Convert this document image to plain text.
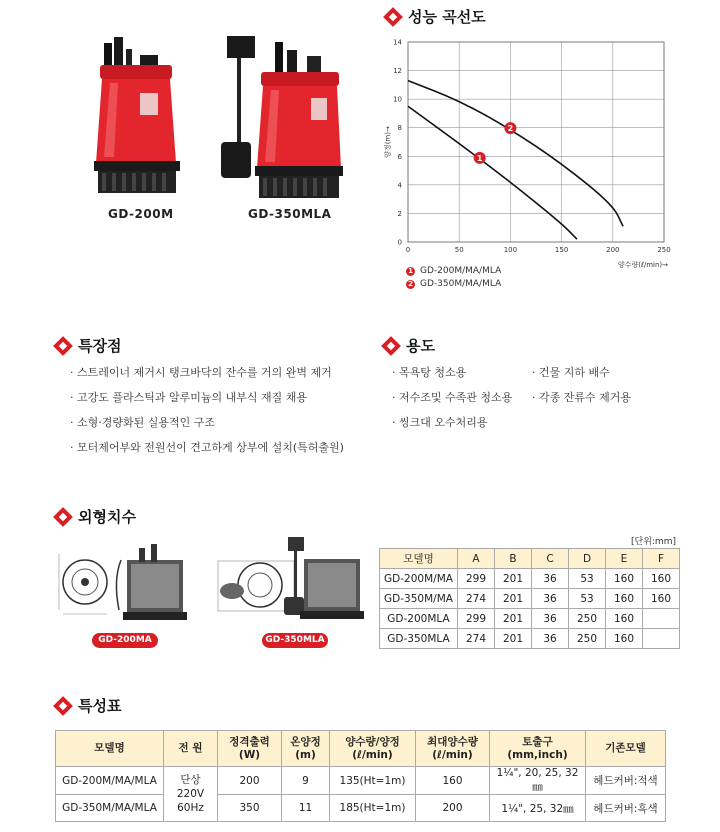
GD-200M	GD-350MLA
성능 곡선도
0	50	100	150	200	250
0
2
4
6
8
10
12
14
양수량(ℓ/min)→
양정(m)→
1
2
1 GD-200M/MA/MLA
2 GD-350M/MA/MLA
특장점
· 스트레이너 제거시 탱크바닥의 잔수를 거의 완벽 제거
· 고강도 플라스틱과 알루미늄의 내부식 재질 채용
· 소형·경량화된 실용적인 구조
· 모터제어부와 전원선이 견고하게 상부에 설치(특허출원)
용도
· 목욕탕 청소용
· 저수조및 수족관 청소용
· 씽크대 오수처리용
· 건물 지하 배수
· 각종 잔류수 제거용
외형치수
GD-200MA	GD-350MLA
[단위:mm]
모델명	A	B	C	D	E	F
GD-200M/MA	299	201	36	53	160	160
GD-350M/MA	274	201	36	53	160	160
GD-200MLA	299	201	36	250	160	
GD-350MLA	274	201	36	250	160	
특성표
모델명	전 원	정격출력 (W)	온양정 (m)	양수량/양정 (ℓ/min)	최대양수량 (ℓ/min)	토출구 (mm,inch)	기존모델
GD-200M/MA/MLA	단상 220V 60Hz	200	9	135(Ht=1m)	160	1¼", 20, 25, 32㎜	헤드커버:적색
GD-350M/MA/MLA		350	11	185(Ht=1m)	200	1¼", 25, 32㎜	헤드커버:흑색
